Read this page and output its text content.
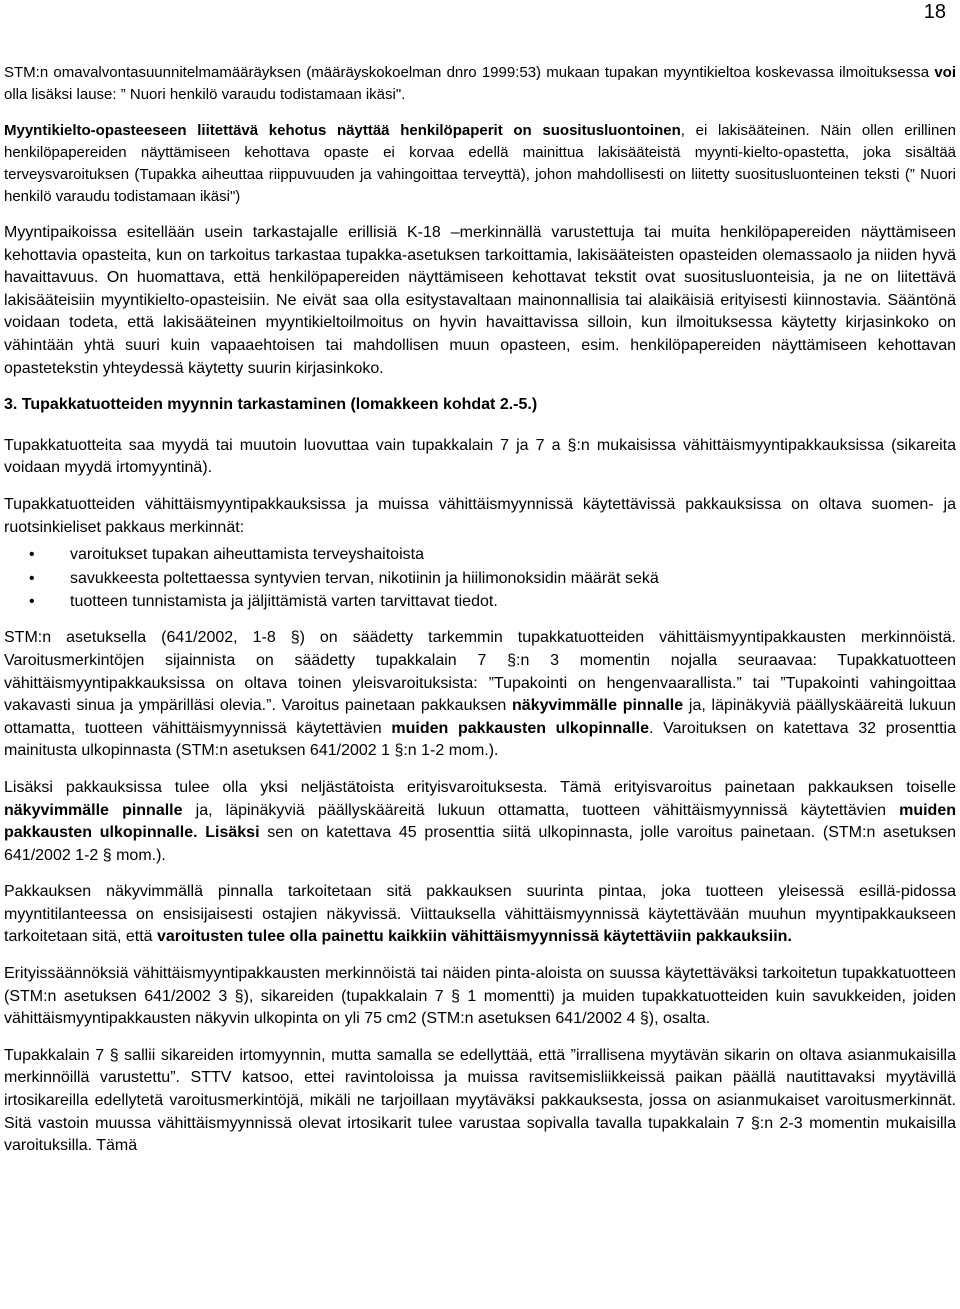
18

STM:n omavalvontasuunnitelmamääräyksen (määräyskokoelman dnro 1999:53) mukaan tupakan myyntikieltoa koskevassa ilmoituksessa voi olla lisäksi lause: ” Nuori henkilö varaudu todistamaan ikäsi".

Myyntikielto-opasteeseen liitettävä kehotus näyttää henkilöpaperit on suositusluontoinen, ei lakisääteinen. Näin ollen erillinen henkilöpapereiden näyttämiseen kehottava opaste ei korvaa edellä mainittua lakisääteistä myynti-kielto-opastetta, joka sisältää terveysvaroituksen (Tupakka aiheuttaa riippuvuuden ja vahingoittaa terveyttä), johon mahdollisesti on liitetty suositusluonteinen teksti (” Nuori henkilö varaudu todistamaan ikäsi")

Myyntipaikoissa esitellään usein tarkastajalle erillisiä K-18 –merkinnällä varustettuja tai muita henkilöpapereiden näyttämiseen kehottavia opasteita, kun on tarkoitus tarkastaa tupakka-asetuksen tarkoittamia, lakisääteisten opasteiden olemassaolo ja niiden hyvä havaittavuus. On huomattava, että henkilöpapereiden näyttämiseen kehottavat tekstit ovat suositusluonteisia, ja ne on liitettävä lakisääteisiin myyntikielto-opasteisiin. Ne eivät saa olla esitystavaltaan mainonnallisia tai alaikäisiä erityisesti kiinnostavia. Sääntönä voidaan todeta, että lakisääteinen myyntikieltoilmoitus on hyvin havaittavissa silloin, kun ilmoituksessa käytetty kirjasinkoko on vähintään yhtä suuri kuin vapaaehtoisen tai mahdollisen muun opasteen, esim. henkilöpapereiden näyttämiseen kehottavan opastetekstin yhteydessä käytetty suurin kirjasinkoko.

3. Tupakkatuotteiden myynnin tarkastaminen (lomakkeen kohdat 2.-5.)

Tupakkatuotteita saa myydä tai muutoin luovuttaa vain tupakkalain 7 ja 7 a §:n mukaisissa vähittäismyyntipakkauksissa (sikareita voidaan myydä irtomyyntinä).

Tupakkatuotteiden vähittäismyyntipakkauksissa ja muissa vähittäismyynnissä käytettävissä pakkauksissa on oltava suomen- ja ruotsinkieliset pakkaus merkinnät:

• varoitukset tupakan aiheuttamista terveyshaitoista
• savukkeesta poltettaessa syntyvien tervan, nikotiinin ja hiilimonoksidin määrät sekä
• tuotteen tunnistamista ja jäljittämistä varten tarvittavat tiedot.

STM:n asetuksella (641/2002, 1-8 §) on säädetty tarkemmin tupakkatuotteiden vähittäismyyntipakkausten merkinnöistä. Varoitusmerkintöjen sijainnista on säädetty tupakkalain 7 §:n 3 momentin nojalla seuraavaa: Tupakkatuotteen vähittäismyyntipakkauksissa on oltava toinen yleisvaroituksista: ”Tupakointi on hengenvaarallista.” tai ”Tupakointi vahingoittaa vakavasti sinua ja ympärilläsi olevia.”. Varoitus painetaan pakkauksen näkyvimmälle pinnalle ja, läpinäkyviä päällyskääreitä lukuun ottamatta, tuotteen vähittäismyynnissä käytettävien muiden pakkausten ulkopinnalle. Varoituksen on katettava 32 prosenttia mainitusta ulkopinnasta (STM:n asetuksen 641/2002 1 §:n 1-2 mom.).

Lisäksi pakkauksissa tulee olla yksi neljästätoista erityisvaroituksesta. Tämä erityisvaroitus painetaan pakkauksen toiselle näkyvimmälle pinnalle ja, läpinäkyviä päällyskääreitä lukuun ottamatta, tuotteen vähittäismyynnissä käytettävien muiden pakkausten ulkopinnalle. Lisäksi sen on katettava 45 prosenttia siitä ulkopinnasta, jolle varoitus painetaan. (STM:n asetuksen 641/2002 1-2 § mom.).

Pakkauksen näkyvimmällä pinnalla tarkoitetaan sitä pakkauksen suurinta pintaa, joka tuotteen yleisessä esillä-pidossa myyntitilanteessa on ensisijaisesti ostajien näkyvissä. Viittauksella vähittäismyynnissä käytettävään muuhun myyntipakkaukseen tarkoitetaan sitä, että varoitusten tulee olla painettu kaikkiin vähittäismyynnissä käytettäviin pakkauksiin.

Erityissäännöksiä vähittäismyyntipakkausten merkinnöistä tai näiden pinta-aloista on suussa käytettäväksi tarkoitetun tupakkatuotteen (STM:n asetuksen 641/2002 3 §), sikareiden (tupakkalain 7 § 1 momentti) ja muiden tupakkatuotteiden kuin savukkeiden, joiden vähittäismyyntipakkausten näkyvin ulkopinta on yli 75 cm2 (STM:n asetuksen 641/2002 4 §), osalta.

Tupakkalain 7 § sallii sikareiden irtomyynnin, mutta samalla se edellyttää, että ”irrallisena myytävän sikarin on oltava asianmukaisilla merkinnöillä varustettu”. STTV katsoo, ettei ravintoloissa ja muissa ravitsemisliikkeissä paikan päällä nautittavaksi myytävillä irtosikareilla edellytetä varoitusmerkintöjä, mikäli ne tarjoillaan myytäväksi pakkauksesta, jossa on asianmukaiset varoitusmerkinnät. Sitä vastoin muussa vähittäismyynnissä olevat irtosikarit tulee varustaa sopivalla tavalla tupakkalain 7 §:n 2-3 momentin mukaisilla varoituksilla. Tämä
